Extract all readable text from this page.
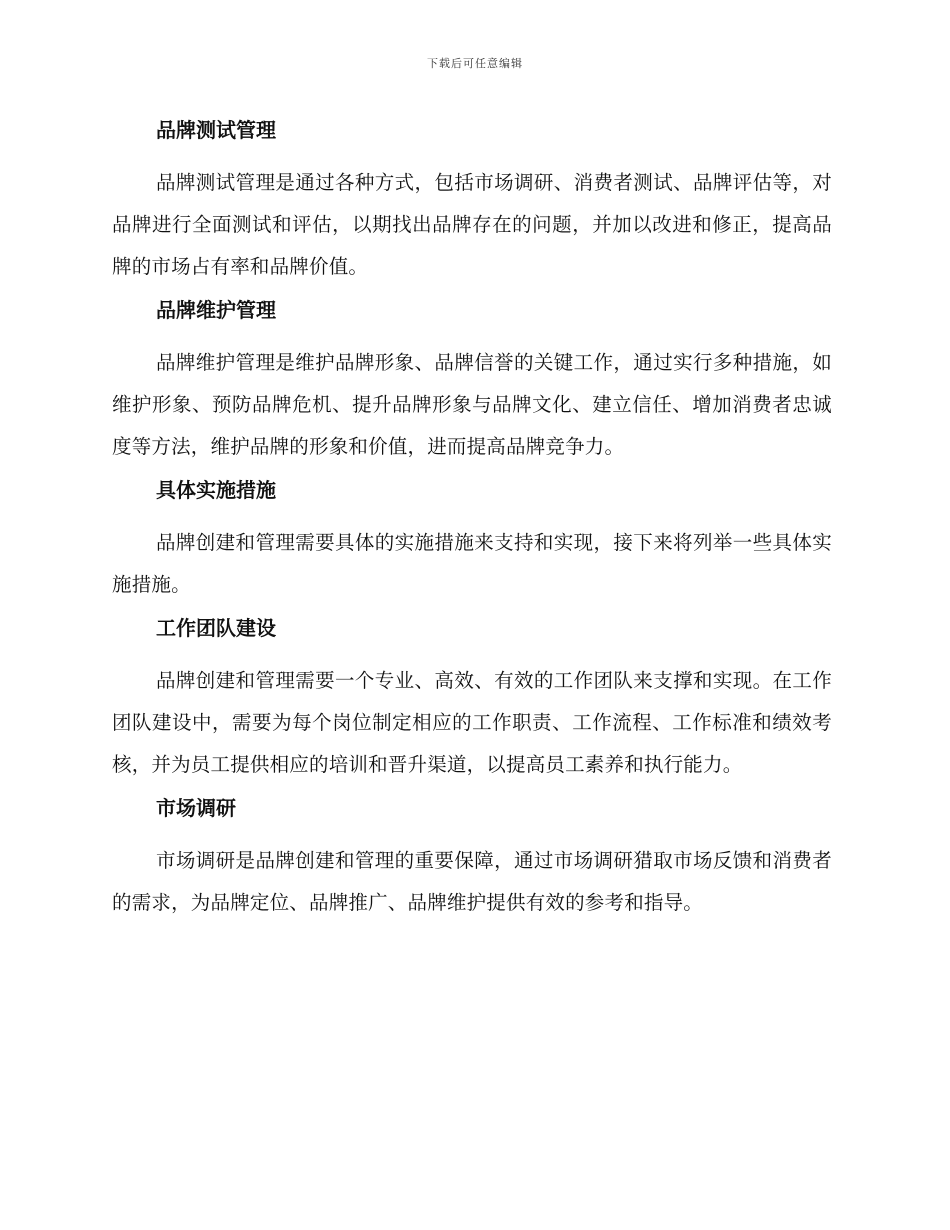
下载后可任意编辑
品牌测试管理

品牌测试管理是通过各种方式，包括市场调研、消费者测试、品牌评估等，对品牌进行全面测试和评估，以期找出品牌存在的问题，并加以改进和修正，提高品牌的市场占有率和品牌价值。

品牌维护管理

品牌维护管理是维护品牌形象、品牌信誉的关键工作，通过实行多种措施，如维护形象、预防品牌危机、提升品牌形象与品牌文化、建立信任、增加消费者忠诚度等方法，维护品牌的形象和价值，进而提高品牌竞争力。

具体实施措施

品牌创建和管理需要具体的实施措施来支持和实现，接下来将列举一些具体实施措施。

工作团队建设

品牌创建和管理需要一个专业、高效、有效的工作团队来支撑和实现。在工作团队建设中，需要为每个岗位制定相应的工作职责、工作流程、工作标准和绩效考核，并为员工提供相应的培训和晋升渠道，以提高员工素养和执行能力。

市场调研

市场调研是品牌创建和管理的重要保障，通过市场调研猎取市场反馈和消费者的需求，为品牌定位、品牌推广、品牌维护提供有效的参考和指导。
